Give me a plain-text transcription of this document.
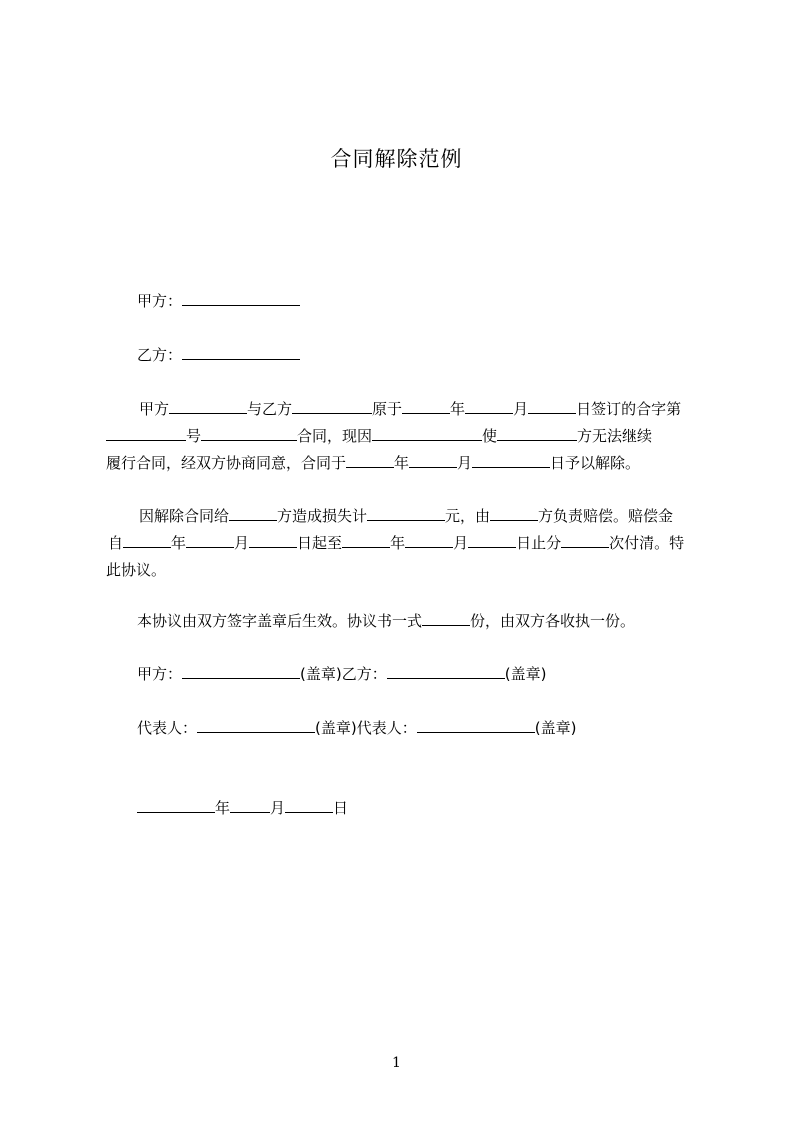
合同解除范例
甲方：
乙方：
甲方	与乙方	原于	年	月	日签订的合字第
号	合同，现因	使	方无法继续
履行合同，经双方协商同意，合同于	年	月	日予以解除。
因解除合同给	方造成损失计	元，由	方负责赔偿。赔偿金
自	年	月	日起至	年	月	日止分	次付清。特
此协议。
本协议由双方签字盖章后生效。协议书一式	份，由双方各收执一份。
甲方：	(盖章)乙方：	(盖章)
代表人：	(盖章)代表人：	(盖章)
年	月	日
1
